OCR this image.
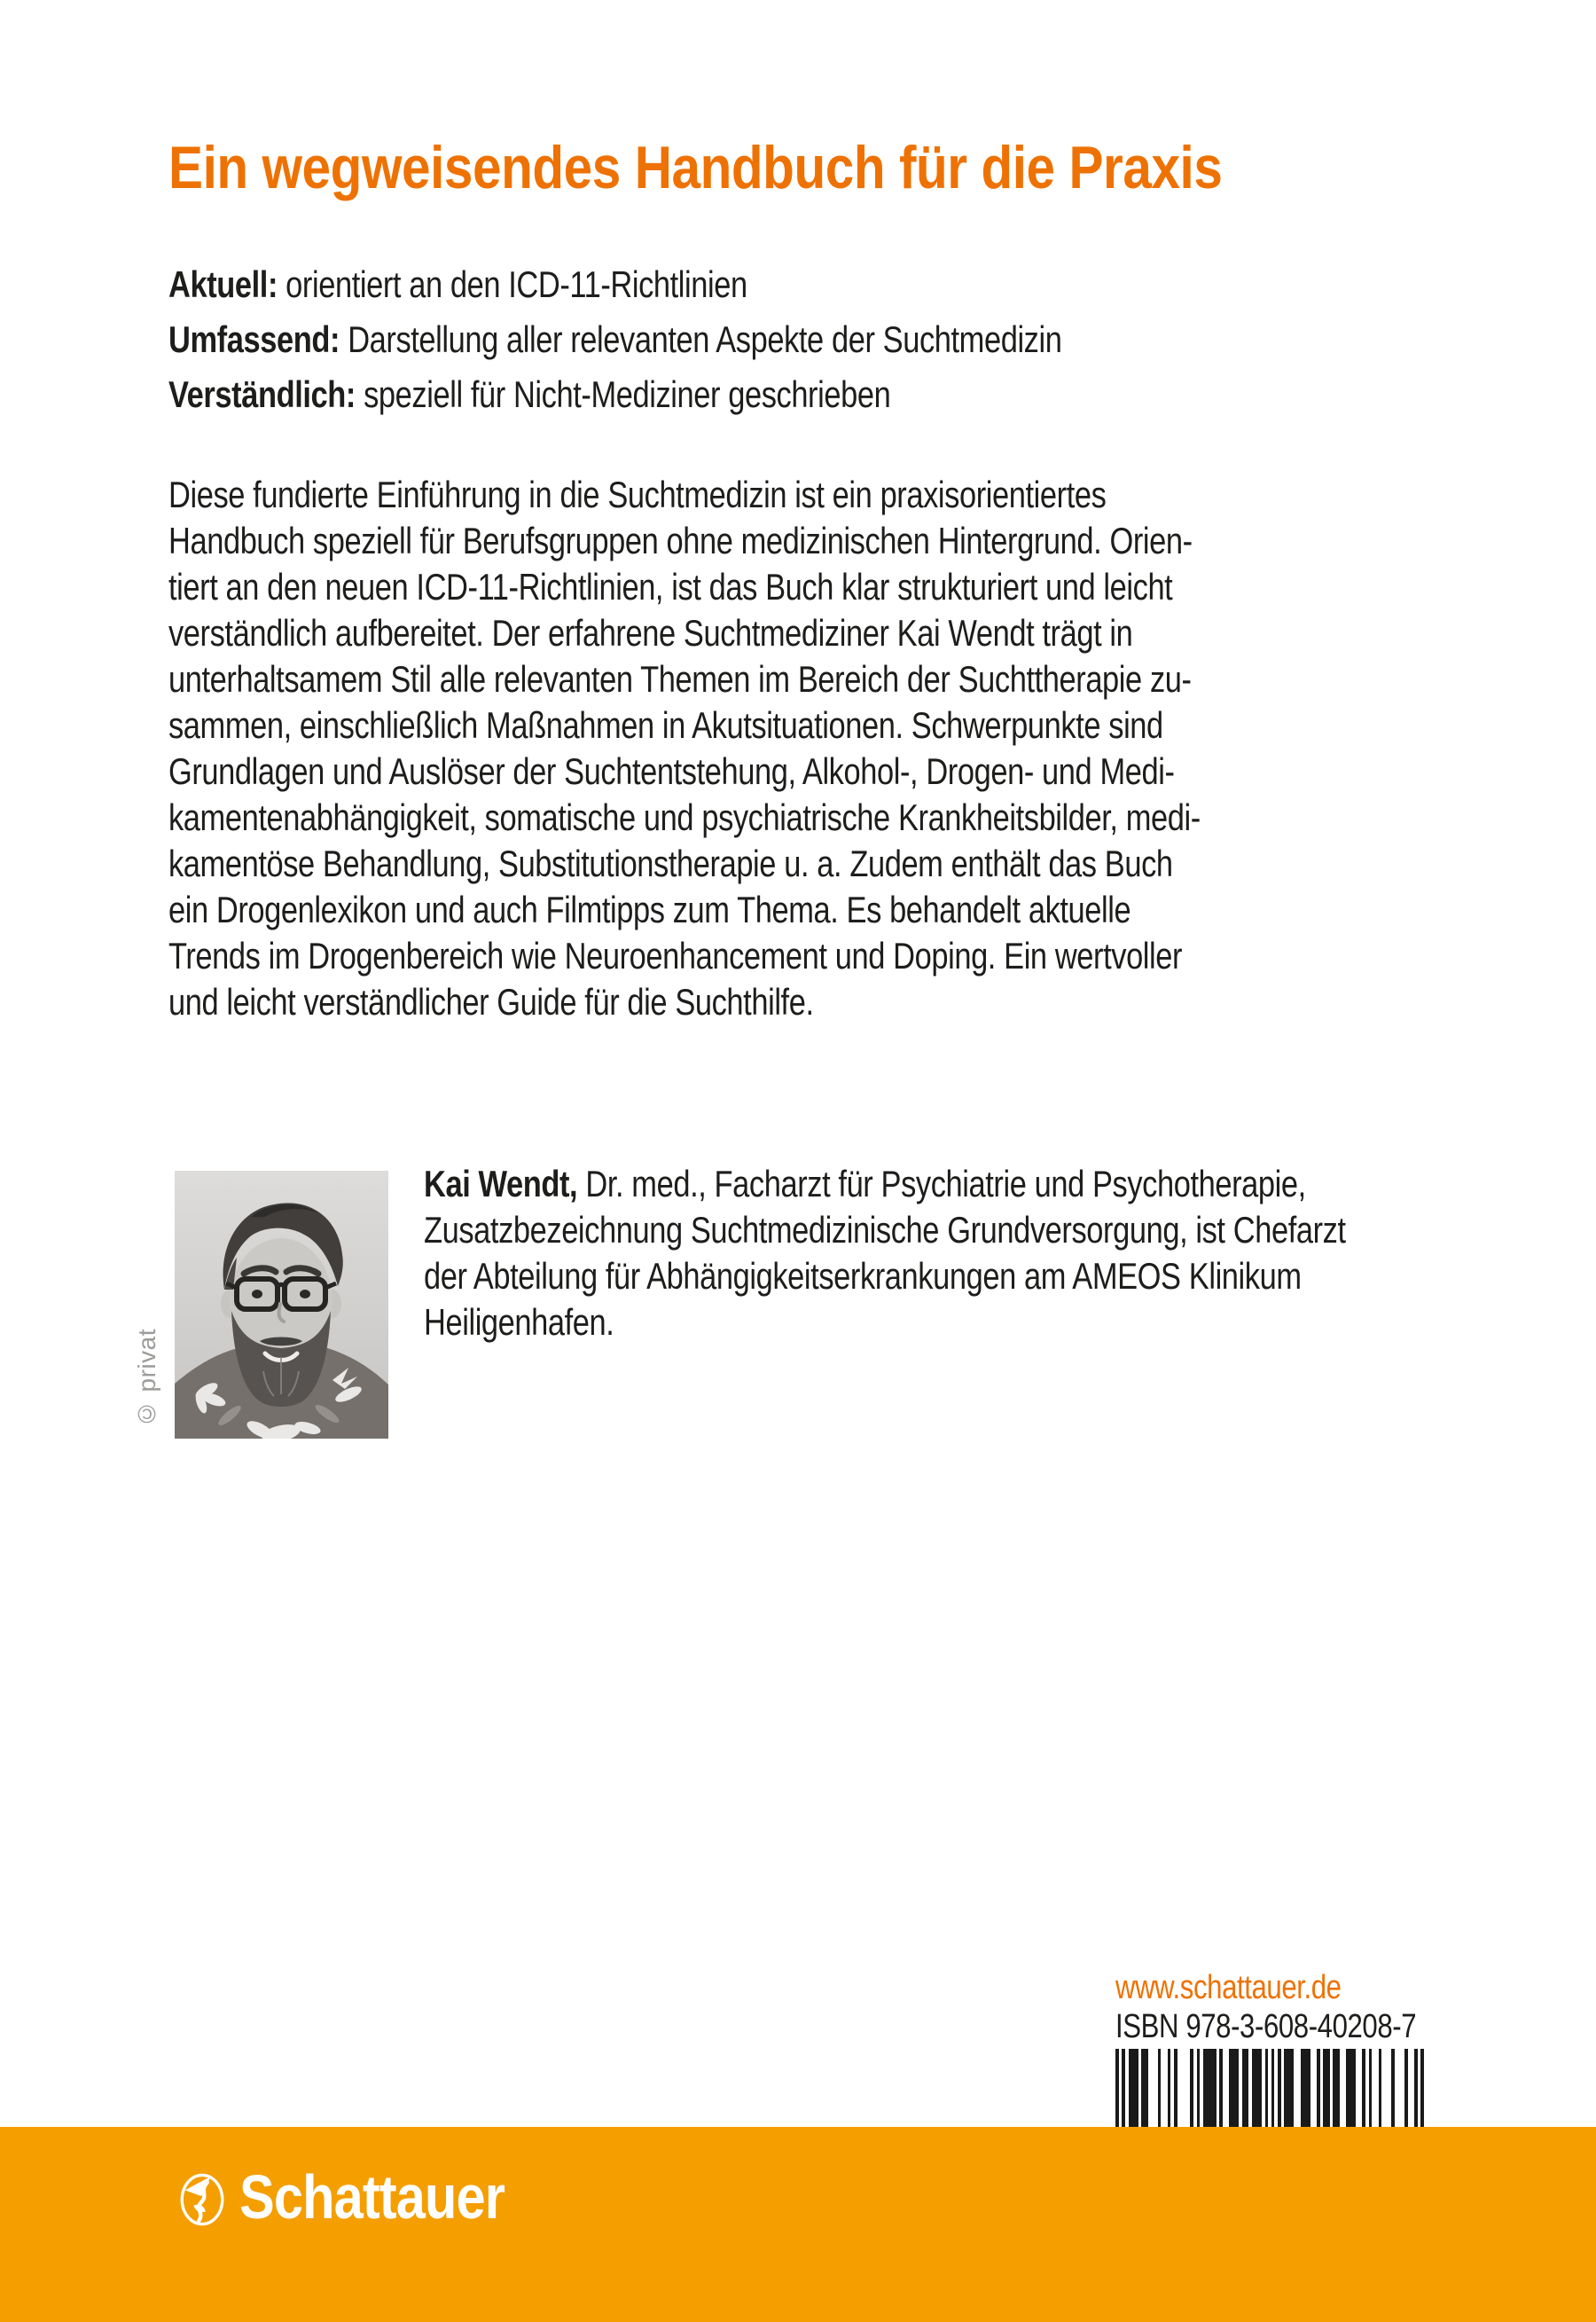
Ein wegweisendes Handbuch für die Praxis
Aktuell: orientiert an den ICD-11-Richtlinien
Umfassend: Darstellung aller relevanten Aspekte der Suchtmedizin
Verständlich: speziell für Nicht-Mediziner geschrieben
Diese fundierte Einführung in die Suchtmedizin ist ein praxisorientiertes
Handbuch speziell für Berufsgruppen ohne medizinischen Hintergrund. Orien-
tiert an den neuen ICD-11-Richtlinien, ist das Buch klar strukturiert und leicht
verständlich aufbereitet. Der erfahrene Suchtmediziner Kai Wendt trägt in
unterhaltsamem Stil alle relevanten Themen im Bereich der Suchttherapie zu-
sammen, einschließlich Maßnahmen in Akutsituationen. Schwerpunkte sind
Grundlagen und Auslöser der Suchtentstehung, Alkohol-, Drogen- und Medi-
kamentenabhängigkeit, somatische und psychiatrische Krankheitsbilder, medi-
kamentöse Behandlung, Substitutionstherapie u. a. Zudem enthält das Buch
ein Drogenlexikon und auch Filmtipps zum Thema. Es behandelt aktuelle
Trends im Drogenbereich wie Neuroenhancement und Doping. Ein wertvoller
und leicht verständlicher Guide für die Suchthilfe.
© privat
Kai Wendt, Dr. med., Facharzt für Psychiatrie und Psychotherapie,
Zusatzbezeichnung Suchtmedizinische Grundversorgung, ist Chefarzt
der Abteilung für Abhängigkeitserkrankungen am AMEOS Klinikum
Heiligenhafen.
www.schattauer.de
ISBN 978-3-608-40208-7
Schattauer
